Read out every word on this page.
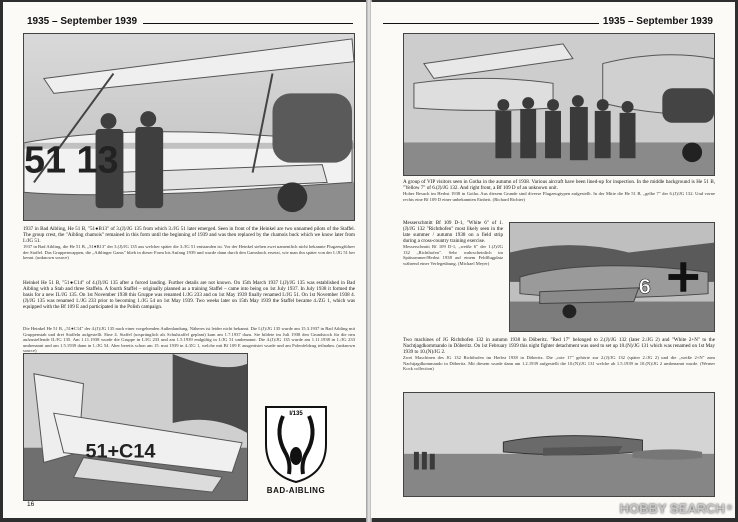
1935 – September 1939
51 13
1937 in Bad Aibling, He 51 B, "51●B13" of 3.(J)/JG 135 from which 3./JG 51 later emerged. Seen in front of the Heinkel are two unnamed pilots of the Staffel. The group crest, the "Aibling chamois" remained in this form until the beginning of 1939 and was then replaced by the chamois buck which we know later from I./JG 51.
1937 in Bad Aibling, die He 51 B, „51●B13" der 3.(J)/JG 135 aus welcher später die 3./JG 51 entstanden ist. Vor der Heinkel stehen zwei namentlich nicht bekannte Flugzeugführer der Staffel. Das Gruppenwappen, die „Aiblinger Gams" blieb in dieser Form bis Anfang 1939 und wurde dann durch den Gamsbock ersetzt, wie man ihn später von der I./JG 51 her kennt. (unknown source)
Heinkel He 51 B, "51●C14" of 4.(J)/JG 135 after a forced landing. Further details are not known. On 15th March 1937 I.(J)/JG 135 was established in Bad Aibling with a Stab and three Staffeln. A fourth Staffel – originally planned as a training Staffel – came into being on 1st July 1937. In July 1938 it formed the basis for a new II./JG 135. On 1st November 1938 this Gruppe was renamed I./JG 233 and on 1st May 1939 finally renamed I./JG 51. On 1st November 1938 4.(J)/JG 135 was renamed 1./JG 233 prior to becoming 1./JG 54 on 1st May 1939. Two weeks later on 15th May 1939 the Staffel became 4./ZG 1, which was equipped with the Bf 109 E and participated in the Polish campaign.
51+C14
Die Heinkel He 51 B, „51●C14" der 4.(J)/JG 135 nach einer vorgehenden Außenlandung. Näheres ist leider nicht bekannt. Die I.(J)/JG 135 wurde am 15.3.1937 in Bad Aibling mit Gruppenstab und drei Staffeln aufgestellt. Eine 4. Staffel (ursprünglich als Schulstaffel geplant) kam am 1.7.1937 dazu. Sie bildete im Juli 1938 den Grundstock für die neu aufzustellende II./JG 135. Am 1.11.1938 wurde die Gruppe in I./JG 233 und am 1.5.1939 endgültig in I./JG 51 umbenannt. Die 4.(J)/JG 135 wurde am 1.11.1938 in 1./JG 233 umbenannt und am 1.5.1939 dann in 1./JG 54. Aber bereits schon am 15. mai 1939 in 4./ZG 1, welche mit Bf 109 E ausgerüstet wurde und am Polenfeldzug teilnahm. (unknown source)
I/135
BAD-AIBLING
16
1935 – September 1939
A group of VIP visitors seen in Gotha in the autumn of 1938. Various aircraft have been lined-up for inspection. In the middle background is He 51 B, "Yellow 7" of 6.(J)/JG 132. And right front, a Bf 109 D of an unknown unit.
Hoher Besuch im Herbst 1938 in Gotha. Aus diesem Grunde sind diverse Flugzeugtypen aufgestellt. In der Mitte die He 51 B, „gelbe 7" der 6.(J)/JG 132. Und vorne rechts eine Bf 109 D einer unbekannten Einheit. (Richard Richter)
Messerschmitt Bf 109 D-1, "White 6" of 1.(J)/JG 132 "Richthofen" most likely seen in the late summer / autumn 1938 on a field strip during a cross-country training exercise.
Messerschmitt Bf 109 D-1, „weiße 6" der 1.(J)/JG 132 „Richthofen". Sehr wahrscheinlich im Spätsommer/Herbst 1938 auf einem Feldflugplatz während einer Verlegeübung. (Michael Meyer)
6
Two machines of JG Richthofen 132 in autumn 1938 in Döberitz. "Red 17" belonged to 2.(J)/JG 132 (later 2./JG 2) and "White 2+N" to the Nachtjagdkommando in Döberitz. On 1st February 1939 this night fighter detachment was used to set up 10.(N)/JG 131 which was renamed on 1st May 1939 to 10.(N)/JG 2.
Zwei Maschinen des JG 132 Richthofen im Herbst 1938 in Döberitz. Die „rote 17" gehörte zur 2.(J)/JG 132 (später 2./JG 2) und die „weiße 2+N" zum Nachtjagdkommando in Döberitz. Mit diesem wurde dann am 1.2.1939 aufgestellt die 10.(N)/JG 131 welche ab 1.5.1939 in 10.(N)/JG 2 umbenannt wurde. (Werner Kock collection)
HOBBY SEARCH ®
